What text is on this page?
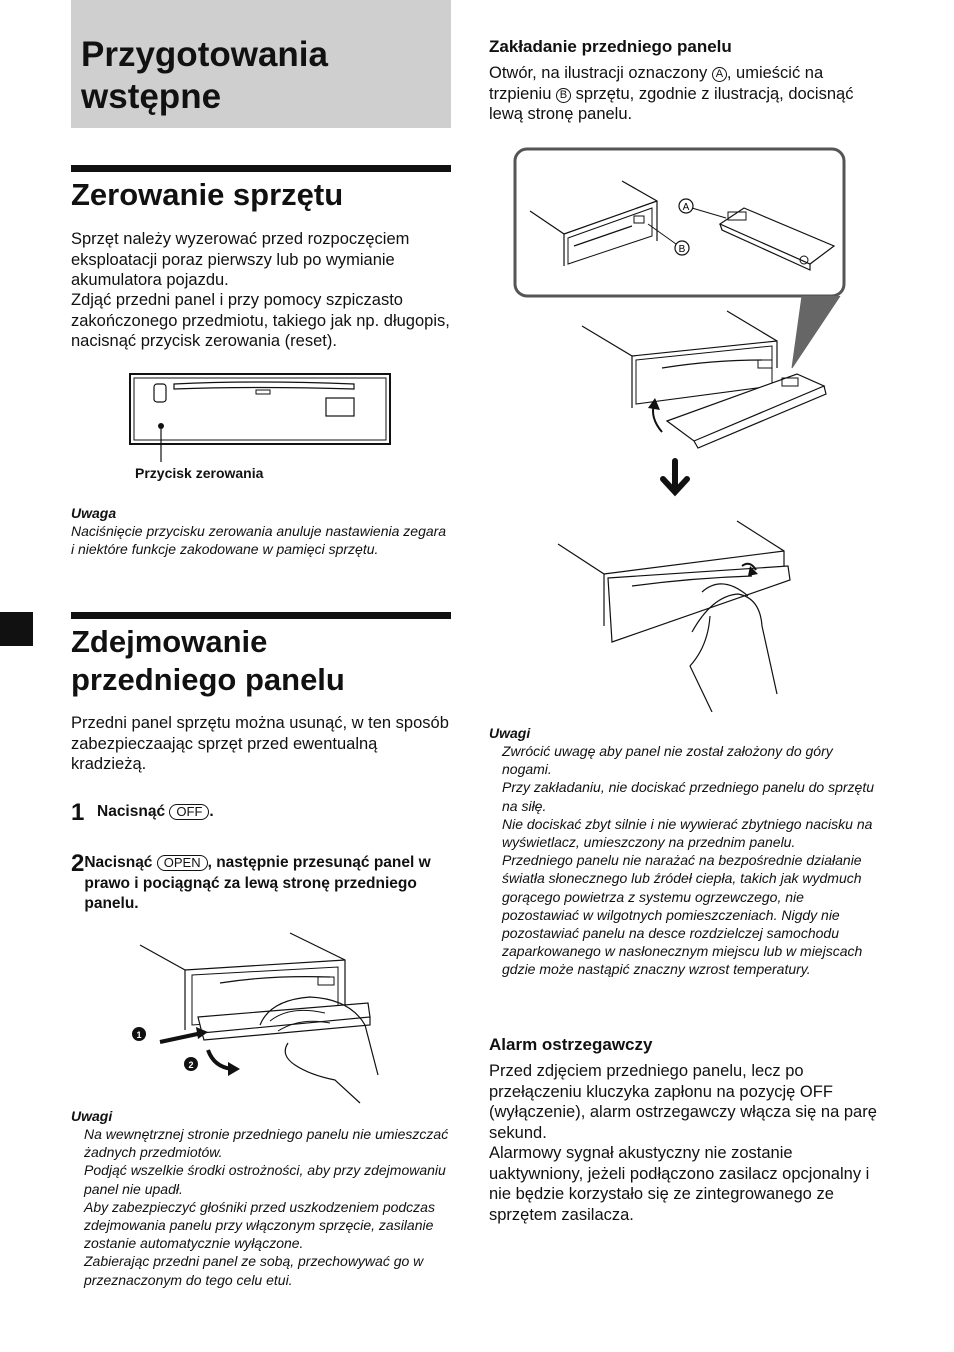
Przygotowania
wstępne
Zerowanie sprzętu

Sprzęt należy wyzerować przed rozpoczęciem eksploatacji poraz pierwszy lub po wymianie akumulatora pojazdu.

Zdjąć przedni panel i przy pomocy szpiczasto zakończonego przedmiotu, takiego jak np. długopis, nacisnąć przycisk zerowania (reset).

Przycisk zerowania

Uwaga

Naciśnięcie przycisku zerowania anuluje nastawienia zegara i niektóre funkcje zakodowane w pamięci sprzętu.

Zdejmowanie
przedniego panelu

Przedni panel sprzętu można usunąć, w ten sposób zabezpieczaając sprzęt przed ewentualną kradzieżą.

1 Nacisnąć OFF .
2 Nacisnąć OPEN , następnie przesunąć panel w prawo i pociągnąć za lewą stronę przedniego panelu.
1
2

Uwagi

Na wewnętrznej stronie przedniego panelu nie umieszczać żadnych przedmiotów.

Podjąć wszelkie środki ostrożności, aby przy zdejmowaniu panel nie upadł.

Aby zabezpieczyć głośniki przed uszkodzeniem podczas zdejmowania panelu przy włączonym sprzęcie, zasilanie zostanie automatycznie wyłączone.

Zabierając przedni panel ze sobą, przechowywać go w przeznaczonym do tego celu etui.

Zakładanie przedniego panelu

Otwór, na ilustracji oznaczony A , umieścić na trzpieniu B sprzętu, zgodnie z ilustracją, docisnąć lewą stronę panelu.

A
B

Uwagi

Zwrócić uwagę aby panel nie został założony do góry nogami.

Przy zakładaniu, nie dociskać przedniego panelu do sprzętu na siłę.

Nie dociskać zbyt silnie i nie wywierać zbytniego nacisku na wyświetlacz, umieszczony na przednim panelu.

Przedniego panelu nie narażać na bezpośrednie działanie światła słonecznego lub źródeł ciepła, takich jak wydmuch gorącego powietrza z systemu ogrzewczego, nie pozostawiać w wilgotnych pomieszczeniach. Nigdy nie pozostawiać panelu na desce rozdzielczej samochodu zaparkowanego w nasłonecznym miejscu lub w miejscach gdzie może nastąpić znaczny wzrost temperatury.

Alarm ostrzegawczy

Przed zdjęciem przedniego panelu, lecz po przełączeniu kluczyka zapłonu na pozycję OFF (wyłączenie), alarm ostrzegawczy włącza się na parę sekund.

Alarmowy sygnał akustyczny nie zostanie uaktywniony, jeżeli podłączono zasilacz opcjonalny i nie będzie korzystało się ze zintegrowanego ze sprzętem zasilacza.
